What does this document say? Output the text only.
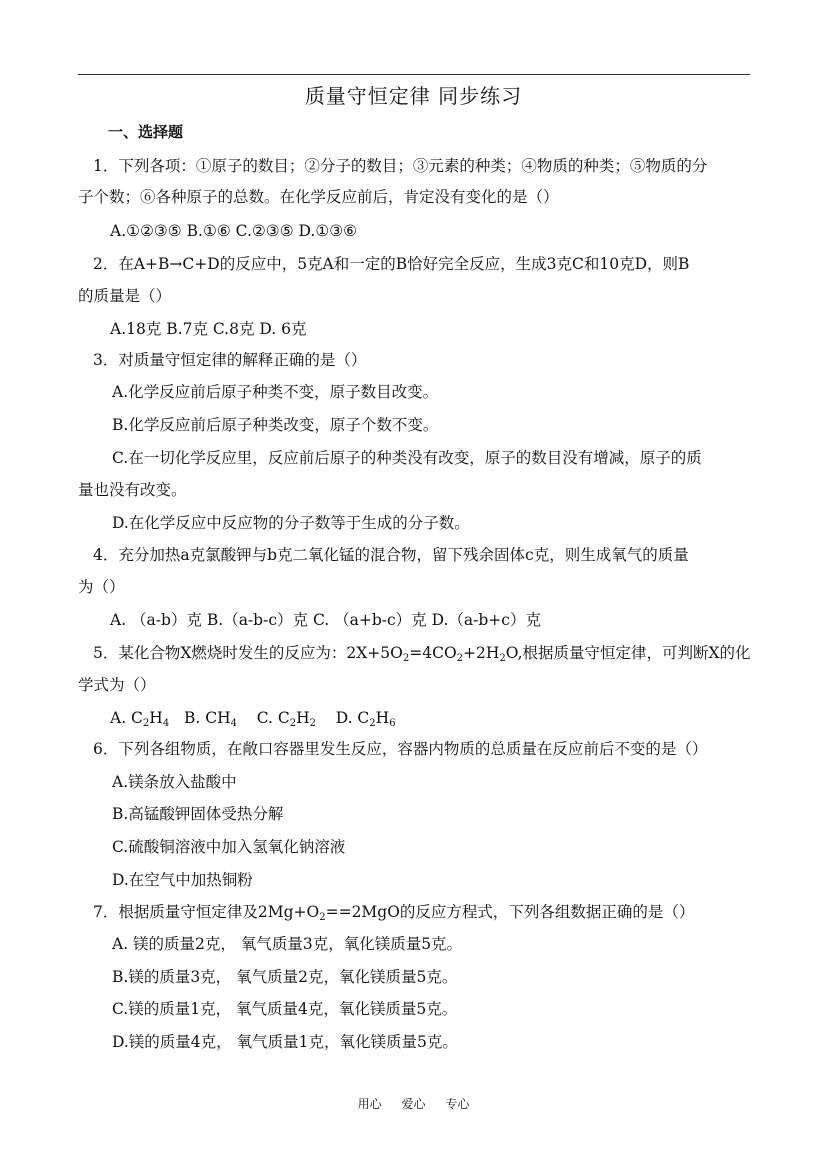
质量守恒定律 同步练习
一、选择题
1．下列各项：①原子的数目；②分子的数目；③元素的种类；④物质的种类；⑤物质的分
子个数；⑥各种原子的总数。在化学反应前后，肯定没有变化的是（）
A.①②③⑤ B.①⑥ C.②③⑤ D.①③⑥
2．在A+B→C+D的反应中，5克A和一定的B恰好完全反应，生成3克C和10克D，则B
的质量是（）
A.18克 B.7克 C.8克 D. 6克
3．对质量守恒定律的解释正确的是（）
A.化学反应前后原子种类不变，原子数目改变。
B.化学反应前后原子种类改变，原子个数不变。
C.在一切化学反应里，反应前后原子的种类没有改变，原子的数目没有增减，原子的质
量也没有改变。
D.在化学反应中反应物的分子数等于生成的分子数。
4．充分加热a克氯酸钾与b克二氧化锰的混合物，留下残余固体c克，则生成氧气的质量
为（）
A. （a-b）克 B.（a-b-c）克 C. （a+b-c）克 D.（a-b+c）克
5．某化合物X燃烧时发生的反应为：$2X+5O_2=4CO_2+2H_2O$,根据质量守恒定律，可判断X的化
学式为（）
A. $C_2H_4$   B. $CH_4$    C. $C_2H_2$    D. $C_2H_6$
6．下列各组物质，在敞口容器里发生反应，容器内物质的总质量在反应前后不变的是（）
A.镁条放入盐酸中
B.高锰酸钾固体受热分解
C.硫酸铜溶液中加入氢氧化钠溶液
D.在空气中加热铜粉
7．根据质量守恒定律及$2Mg+O_2==2MgO$的反应方程式，下列各组数据正确的是（）
A. 镁的质量2克， 氧气质量3克，氧化镁质量5克。
B.镁的质量3克， 氧气质量2克，氧化镁质量5克。
C.镁的质量1克， 氧气质量4克，氧化镁质量5克。
D.镁的质量4克， 氧气质量1克，氧化镁质量5克。
用心 爱心 专心
